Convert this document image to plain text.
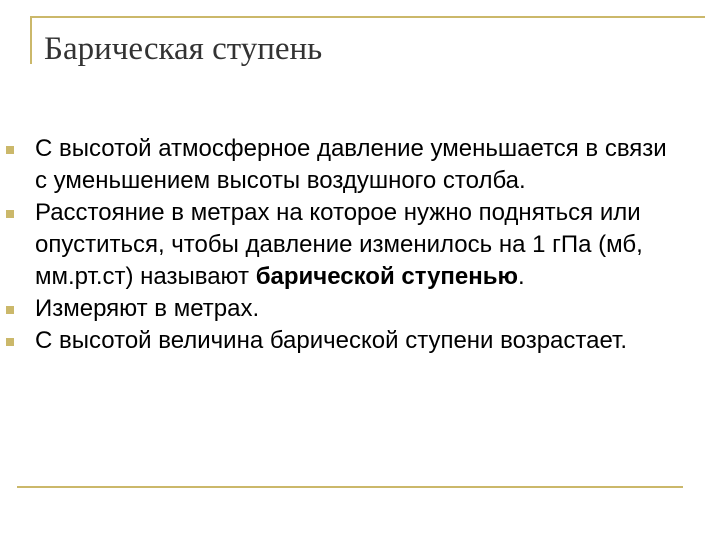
Барическая ступень
С высотой атмосферное давление уменьшается в связи с уменьшением высоты воздушного столба.
Расстояние в метрах на которое нужно подняться или опуститься, чтобы давление изменилось на 1 гПа (мб, мм.рт.ст) называют барической ступенью.
Измеряют в метрах.
С высотой величина барической ступени возрастает.
